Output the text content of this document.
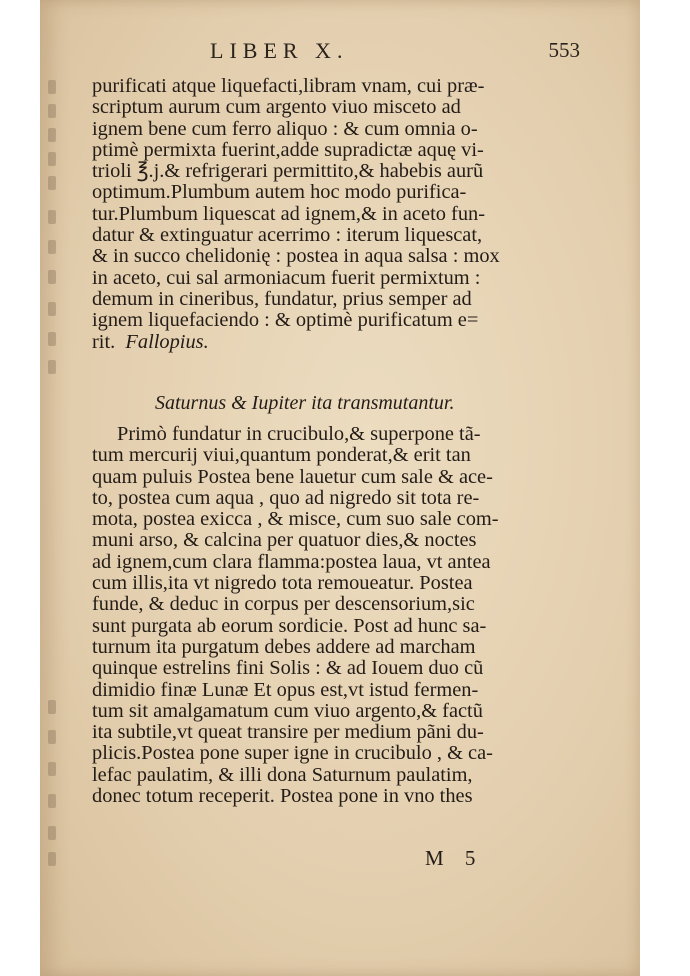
LIBER X.	553
purificati atque liquefacti,libram vnam, cui præ-
scriptum aurum cum argento viuo misceto ad
ignem bene cum ferro aliquo : & cum omnia o-
ptimè permixta fuerint,adde supradictæ aquę vi-
trioli ℥.j.& refrigerari permittito,& habebis aurũ
optimum.Plumbum autem hoc modo purifica-
tur.Plumbum liquescat ad ignem,& in aceto fun-
datur & extinguatur acerrimo : iterum liquescat,
& in succo chelidonię : postea in aqua salsa : mox
in aceto, cui sal armoniacum fuerit permixtum :
demum in cineribus, fundatur, prius semper ad
ignem liquefaciendo : & optimè purificatum e=
rit. Fallopius.
Saturnus & Iupiter ita transmutantur.
Primò fundatur in crucibulo,& superpone tã-
tum mercurij viui,quantum ponderat,& erit tan
quam puluis Postea bene lauetur cum sale & ace-
to, postea cum aqua , quo ad nigredo sit tota re-
mota, postea exicca , & misce, cum suo sale com-
muni arso, & calcina per quatuor dies,& noctes
ad ignem,cum clara flamma:postea laua, vt antea
cum illis,ita vt nigredo tota remoueatur. Postea
funde, & deduc in corpus per descensorium,sic
sunt purgata ab eorum sordicie. Post ad hunc sa-
turnum ita purgatum debes addere ad marcham
quinque estrelins fini Solis : & ad Iouem duo cũ
dimidio finæ Lunæ Et opus est,vt istud fermen-
tum sit amalgamatum cum viuo argento,& factũ
ita subtile,vt queat transire per medium pãni du-
plicis.Postea pone super igne in crucibulo , & ca-
lefac paulatim, & illi dona Saturnum paulatim,
donec totum receperit. Postea pone in vno thes
M 5
